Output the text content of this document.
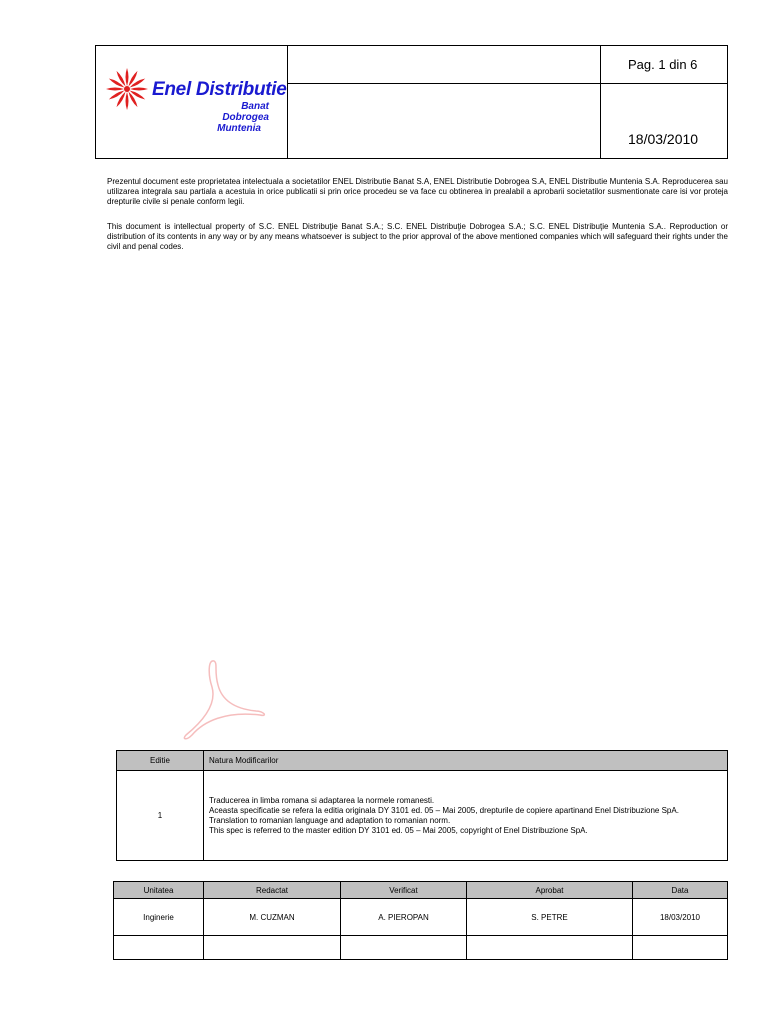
Enel Distributie
Banat
Dobrogea
Muntenia
Pag. 1 din 6
18/03/2010
Prezentul document este proprietatea intelectuala a societatilor ENEL Distributie Banat S.A, ENEL Distributie Dobrogea S.A, ENEL Distributie Muntenia S.A. Reproducerea sau utilizarea integrala sau partiala a acestuia in orice publicatii si prin orice procedeu se va face cu obtinerea in prealabil a aprobarii societatilor susmentionate care isi vor proteja drepturile civile si penale conform legii.
This document is intellectual property of S.C. ENEL Distribuţie Banat S.A.; S.C. ENEL Distribuţie Dobrogea S.A.; S.C. ENEL Distribuţie Muntenia S.A.. Reproduction or distribution of its contents in any way or by any means whatsoever is subject to the prior approval of the above mentioned companies which will safeguard their rights under the civil and penal codes.
Editie	Natura Modificarilor
1	Traducerea in limba romana si adaptarea la normele romanesti.
Aceasta specificatie se refera la editia originala DY 3101 ed. 05 – Mai 2005, drepturile de copiere apartinand Enel Distribuzione SpA.
Translation to romanian language and adaptation to romanian norm.
This spec is referred to the master edition DY 3101 ed. 05 – Mai 2005, copyright of Enel Distribuzione SpA.
Unitatea	Redactat	Verificat	Aprobat	Data
Inginerie	M. CUZMAN	A. PIEROPAN	S. PETRE	18/03/2010
